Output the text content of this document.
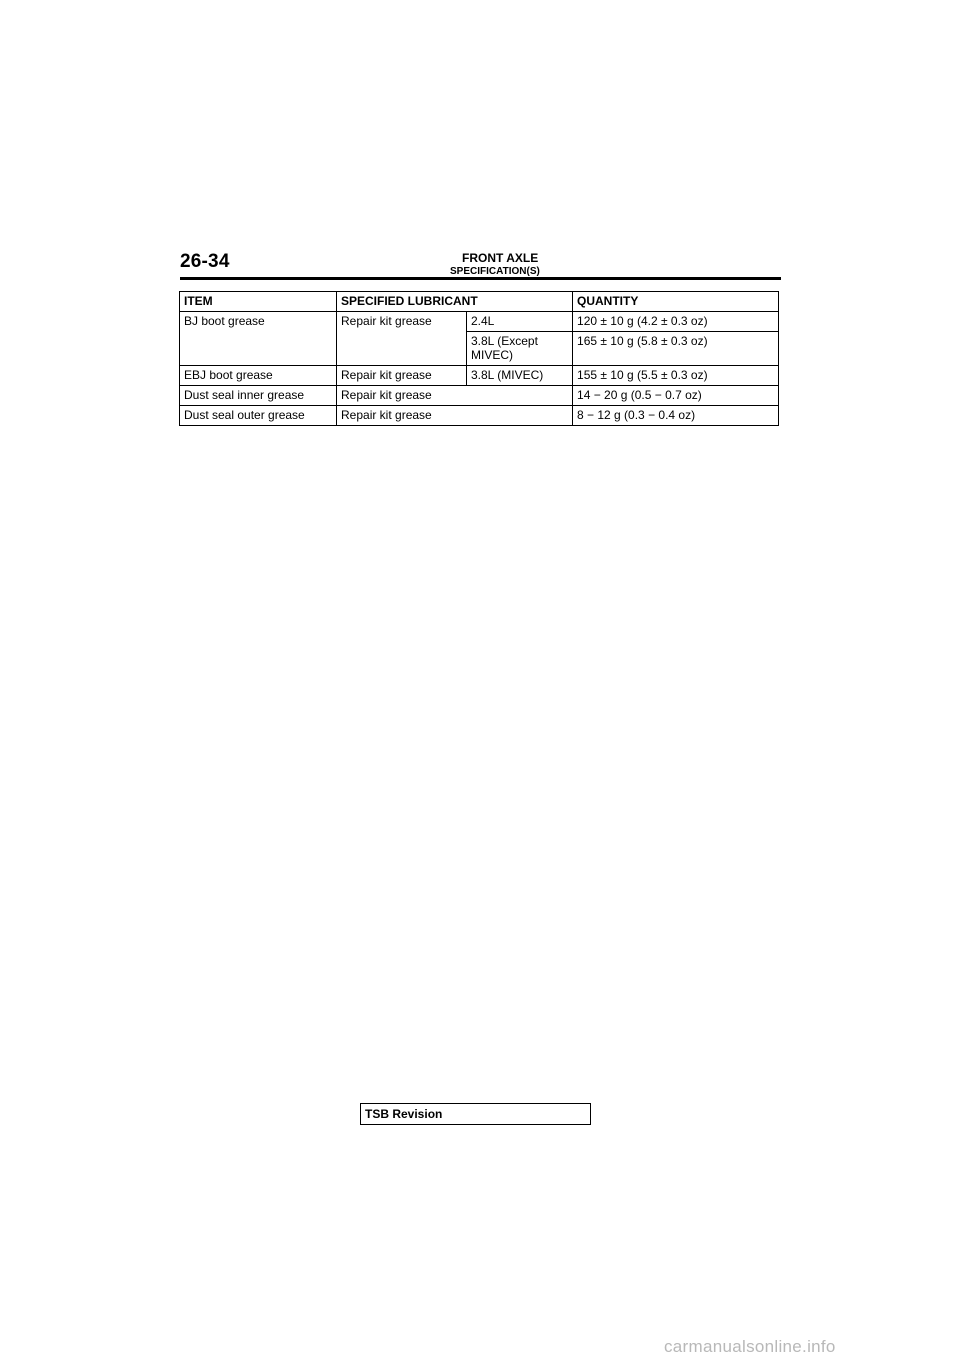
26-34	FRONT AXLE
SPECIFICATION(S)
ITEM	SPECIFIED LUBRICANT		QUANTITY
BJ boot grease	Repair kit grease	2.4L	120 ± 10 g (4.2 ± 0.3 oz)
		3.8L (Except MIVEC)	165 ± 10 g (5.8 ± 0.3 oz)
EBJ boot grease	Repair kit grease	3.8L (MIVEC)	155 ± 10 g (5.5 ± 0.3 oz)
Dust seal inner grease	Repair kit grease		14 − 20 g (0.5 − 0.7 oz)
Dust seal outer grease	Repair kit grease		8 − 12 g (0.3 − 0.4 oz)
TSB Revision
carmanualsonline.info
